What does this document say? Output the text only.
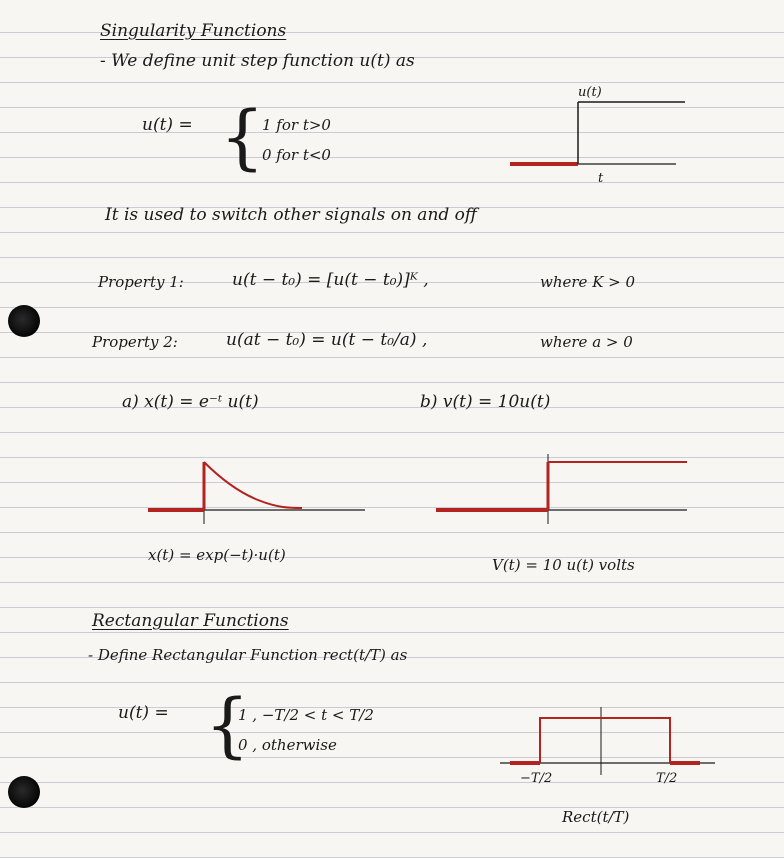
Singularity Functions
- We define unit step function u(t) as
u(t) = {
1 for t>0
0 for t<0
u(t)
t
It is used to switch other signals on and off
Property 1:	u(t − t₀) = [u(t − t₀)]ᴷ ,	where K > 0
Property 2:	u(at − t₀) = u(t − t₀/a) ,	where a > 0
a) x(t) = e⁻ᵗ u(t)	b) v(t) = 10u(t)
x(t) = exp(−t)·u(t)
V(t) = 10 u(t) volts
Rectangular Functions
- Define Rectangular Function rect(t/T) as
u(t) = {
1 , −T/2 < t < T/2
0 , otherwise
−T/2	T/2
Rect(t/T)
